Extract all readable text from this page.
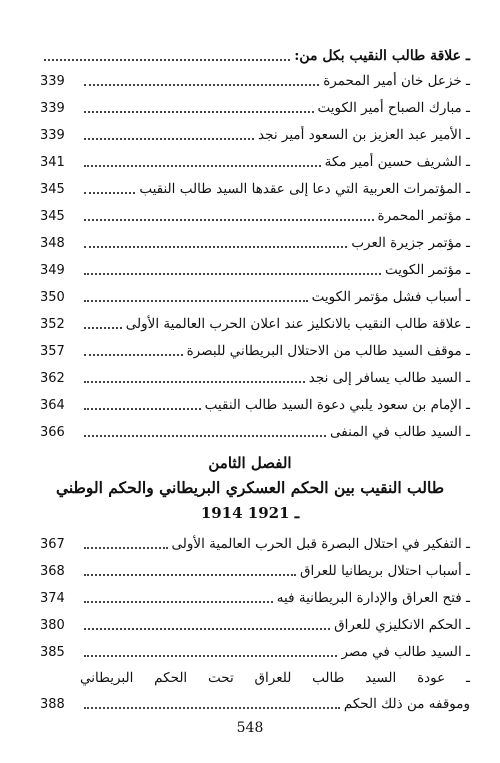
ـ علاقة طالب النقيب بكل من:
ـ خزعل خان أمير المحمرة
339
ـ مبارك الصباح أمير الكويت
339
ـ الأمير عبد العزيز بن السعود أمير نجد
339
ـ الشريف حسين أمير مكة
341
ـ المؤتمرات العربية التي دعا إلى عقدها السيد طالب النقيب
345
ـ مؤتمر المحمرة
345
ـ مؤتمر جزيرة العرب
348
ـ مؤتمر الكويت
349
ـ أسباب فشل مؤتمر الكويت
350
ـ علاقة طالب النقيب بالانكليز عند اعلان الحرب العالمية الأولى
352
ـ موقف السيد طالب من الاحتلال البريطاني للبصرة
357
ـ السيد طالب يسافر إلى نجد
362
ـ الإمام بن سعود يلبي دعوة السيد طالب النقيب
364
ـ السيد طالب في المنفى
366
الفصل الثامن
طالب النقيب بين الحكم العسكري البريطاني والحكم الوطني
1914 ـ 1921
ـ التفكير في احتلال البصرة قبل الحرب العالمية الأولى
367
ـ أسباب احتلال بريطانيا للعراق
368
ـ فتح العراق والإدارة البريطانية فيه
374
ـ الحكم الانكليزي للعراق
380
ـ السيد طالب في مصر
385
ـ عودة السيد طالب للعراق تحت الحكم البريطاني
وموقفه من ذلك الحكم
388
548
